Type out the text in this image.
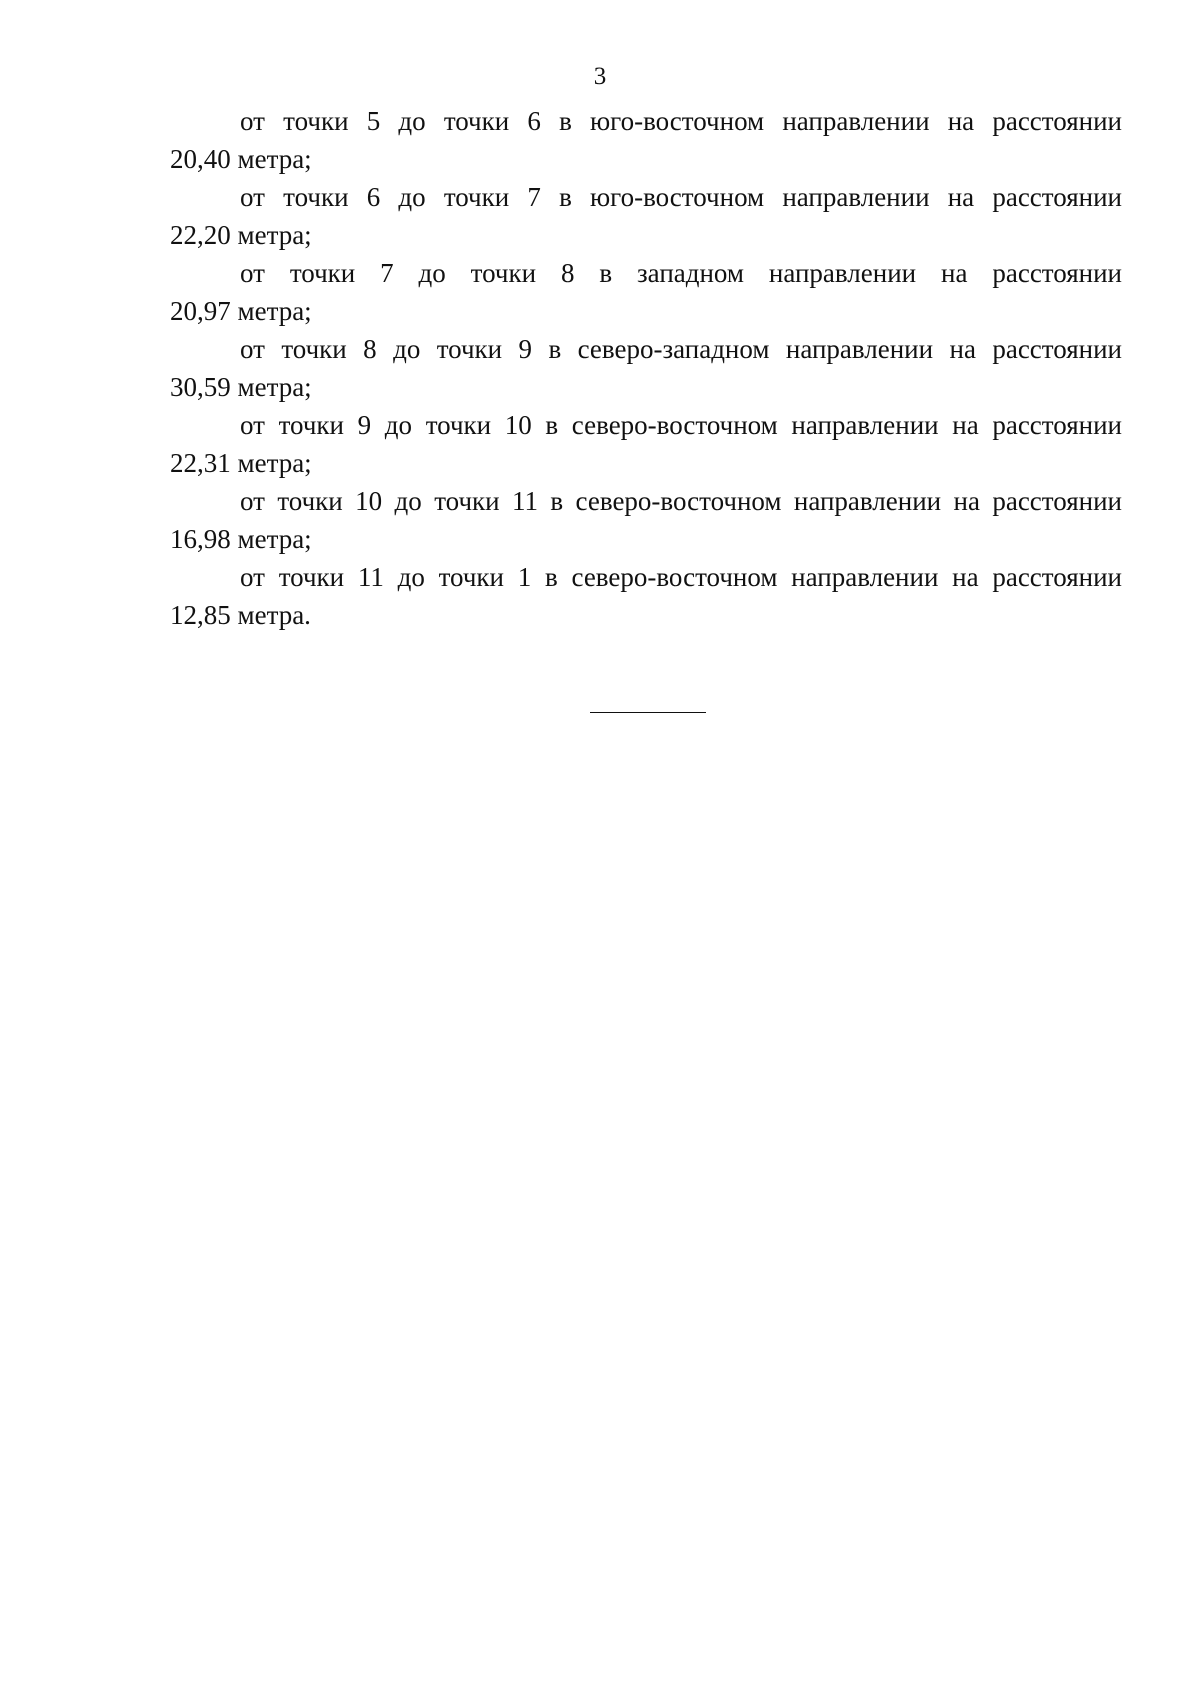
3
от точки 5 до точки 6 в юго-восточном направлении на расстоянии
20,40 метра;
от точки 6 до точки 7 в юго-восточном направлении на расстоянии
22,20 метра;
от точки 7 до точки 8 в западном направлении на расстоянии
20,97 метра;
от точки 8 до точки 9 в северо-западном направлении на расстоянии
30,59 метра;
от точки 9 до точки 10 в северо-восточном направлении на расстоянии
22,31 метра;
от точки 10 до точки 11 в северо-восточном направлении на расстоянии
16,98 метра;
от точки 11 до точки 1 в северо-восточном направлении на расстоянии
12,85 метра.
